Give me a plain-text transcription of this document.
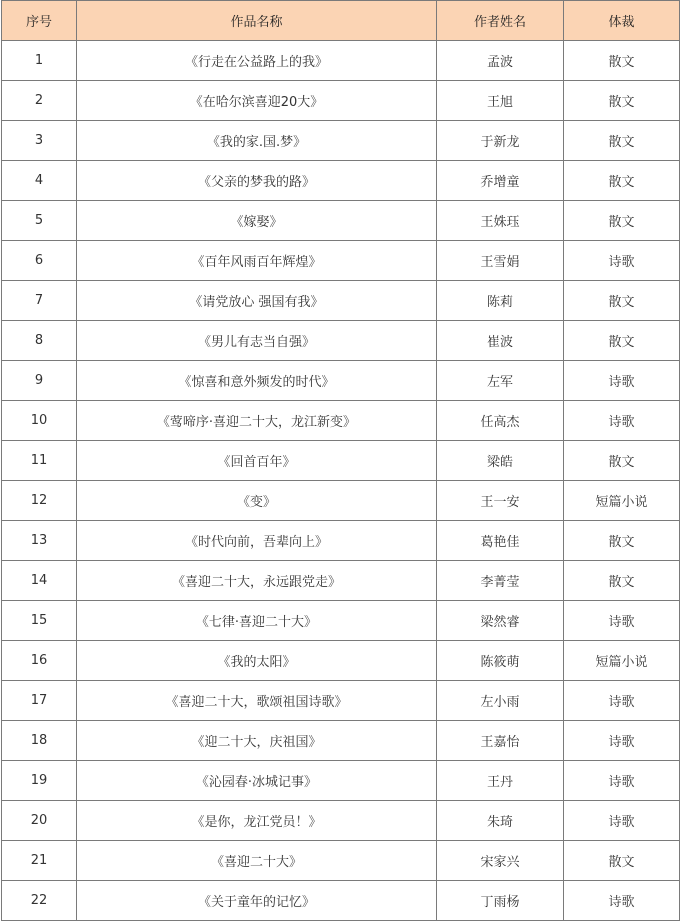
序号	作品名称	作者姓名	体裁
1	《行走在公益路上的我》	孟波	散文
2	《在哈尔滨喜迎20大》	王旭	散文
3	《我的家.国.梦》	于新龙	散文
4	《父亲的梦我的路》	乔增童	散文
5	《嫁娶》	王姝珏	散文
6	《百年风雨百年辉煌》	王雪娟	诗歌
7	《请党放心 强国有我》	陈莉	散文
8	《男儿有志当自强》	崔波	散文
9	《惊喜和意外频发的时代》	左军	诗歌
10	《莺啼序·喜迎二十大，龙江新变》	任高杰	诗歌
11	《回首百年》	梁皓	散文
12	《变》	王一安	短篇小说
13	《时代向前，吾辈向上》	葛艳佳	散文
14	《喜迎二十大，永远跟党走》	李菁莹	散文
15	《七律·喜迎二十大》	梁然睿	诗歌
16	《我的太阳》	陈筱萌	短篇小说
17	《喜迎二十大，歌颂祖国诗歌》	左小雨	诗歌
18	《迎二十大，庆祖国》	王嘉怡	诗歌
19	《沁园春·冰城记事》	王丹	诗歌
20	《是你，龙江党员！》	朱琦	诗歌
21	《喜迎二十大》	宋家兴	散文
22	《关于童年的记忆》	丁雨杨	诗歌
